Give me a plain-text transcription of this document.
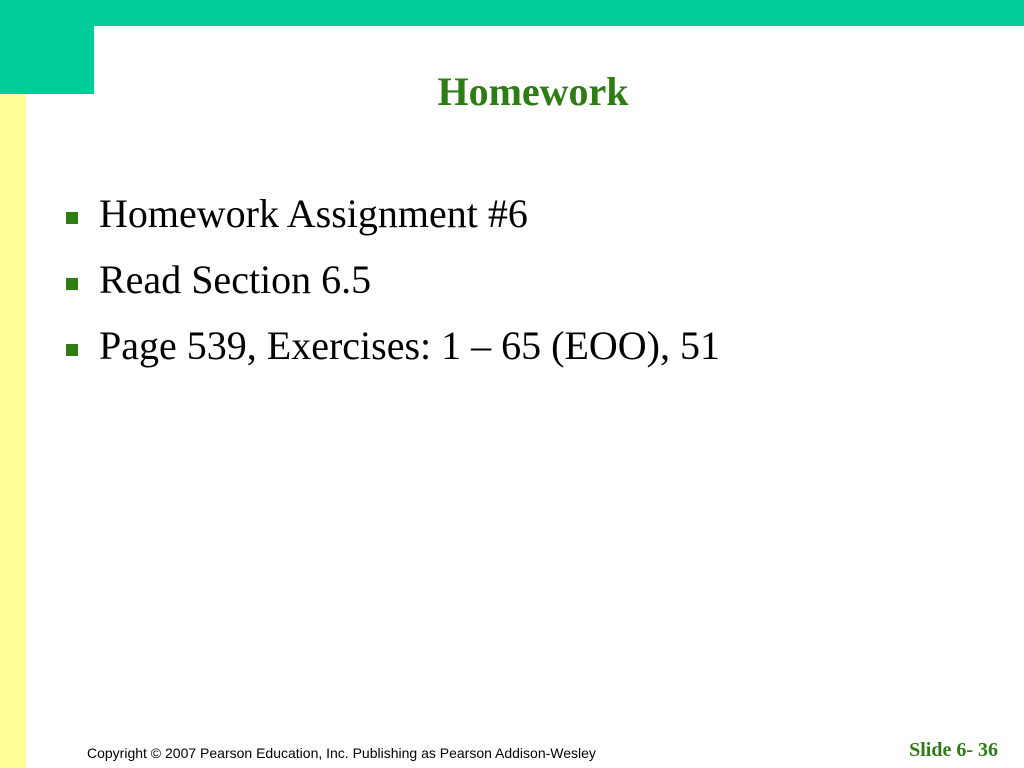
Homework
Homework Assignment #6
Read Section 6.5
Page 539, Exercises: 1 – 65 (EOO), 51
Copyright © 2007 Pearson Education, Inc. Publishing as Pearson Addison-Wesley	Slide 6- 36
